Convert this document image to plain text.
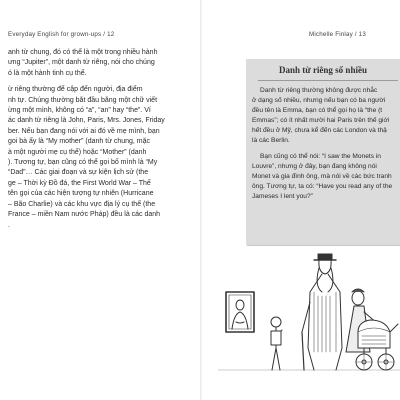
Everyday English for grown-ups / 12
anh từ chung, đó có thể là một trong nhiều hành
ưng “Jupiter”, một danh từ riêng, nói cho chúng
ó là một hành tinh cụ thể.
ừ riêng thường để cập đến người, địa điểm
nh tự. Chúng thường bắt đầu bằng một chữ viết
ừng một mình, không có “a”, “an” hay “the”. Ví
ác danh từ riêng là John, Paris, Mrs. Jones, Friday
ber. Nếu bạn đang nói với ai đó về mẹ mình, bạn
goi bà ấy là “My mother” (danh từ chung, mặc
à một người mẹ cụ thể) hoặc “Mother” (danh
). Tương tự, bạn cũng có thể gọi bố mình là “My
“Dad”… Các giai đoạn và sự kiện lịch sử (the
ge – Thời kỳ Đồ đá, the First World War – Thế
tên gọi của các hiện tượng tự nhiên (Hurricane
– Bão Charlie) và các khu vực địa lý cụ thể (the
France – miền Nam nước Pháp) đều là các danh
.
Michelle Finlay / 13
Danh từ riêng số nhiều
Danh từ riêng thường không được nhắc
ở dạng số nhiều, nhưng nếu bạn có ba người
đều tên là Emma, bạn có thể gọi họ là “the (t
Emmas”; có ít nhất mười hai Paris trên thế giới
hết đều ở Mỹ, chưa kể đến các London và thậ
là các Berlin.
Bạn cũng có thể nói: “I saw the Monets in
Louvre”, nhưng ở đây, bạn đang không nói
Monet và gia đình ông, mà nói về các bức tranh
ông. Tương tự, ta có: “Have you read any of the
Jameses I lent you?”
